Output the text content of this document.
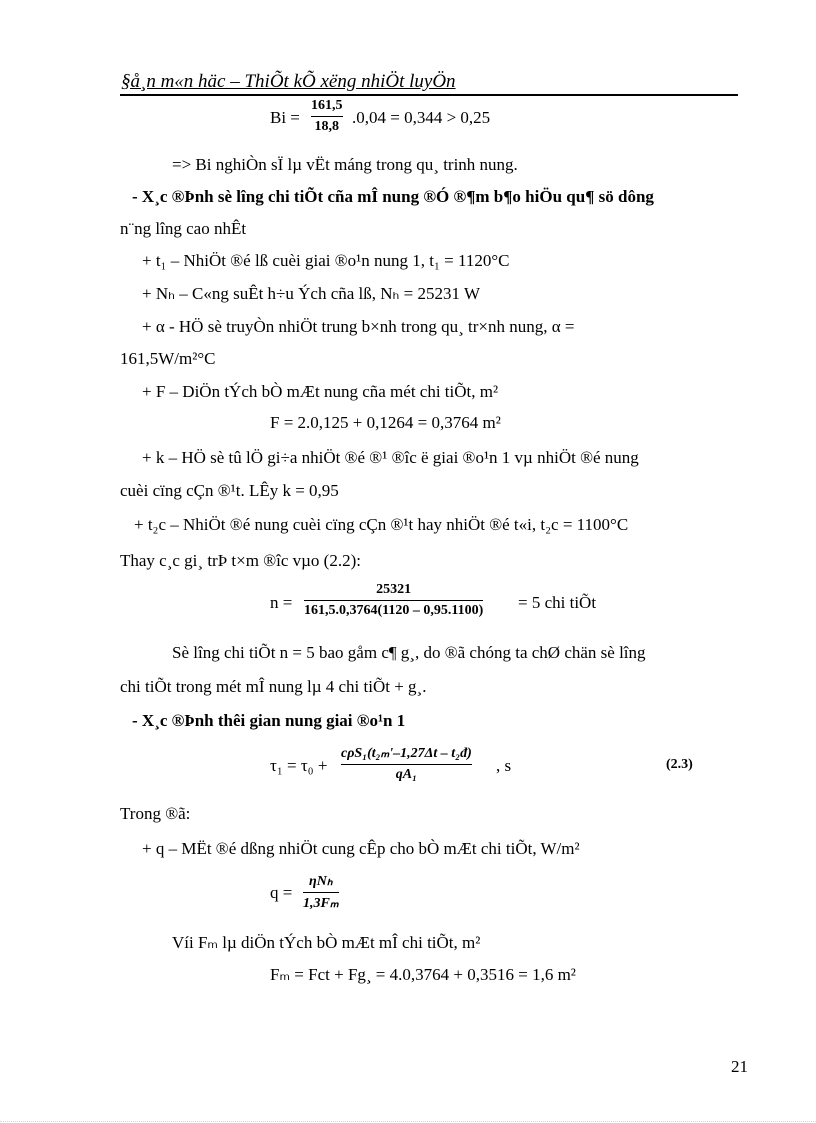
§å¸n m«n häc – ThiÕt kÕ xëng nhiÖt luyÖn
Bi =
161,5
18,8 .0,04 = 0,344 > 0,25
=> Bi nghiÒn sÏ lµ vËt máng trong qu¸ trinh nung.
- X¸c ®Þnh sè lîng chi tiÕt cña mÎ nung ®Ó ®¶m b¶o hiÖu qu¶ sö dông
n¨ng lîng cao nhÊt
+ t₁ – NhiÖt ®é lß cuèi giai ®o¹n nung 1, t₁ = 1120°C
+ Nₕ – C«ng suÊt h÷u Ých cña lß, Nₕ = 25231 W
+ α - HÖ sè truyÒn nhiÖt trung b×nh trong qu¸ tr×nh nung, α =
161,5W/m²°C
+ F – DiÖn tÝch bÒ mÆt nung cña mét chi tiÕt, m²
F = 2.0,125 + 0,1264 = 0,3764 m²
+ k – HÖ sè tû lÖ gi÷a nhiÖt ®é ®¹ ®îc ë giai ®o¹n 1 vµ nhiÖt ®é nung
cuèi cïng cÇn ®¹t. LÊy k = 0,95
+ t₂c – NhiÖt ®é nung cuèi cïng cÇn ®¹t hay nhiÖt ®é t«i, t₂c = 1100°C
Thay c¸c gi¸ trÞ t×m ®îc vµo (2.2):
n =
25321
161,5.0,3764(1120 – 0,95.1100) = 5 chi tiÕt
Sè lîng chi tiÕt n = 5 bao gåm c¶ g¸, do ®ã chóng ta chØ chän sè lîng
chi tiÕt trong mét mÎ nung lµ 4 chi tiÕt + g¸.
- X¸c ®Þnh thêi gian nung giai ®o¹n 1
τ₁ = τ₀ +
cρS₁(t₂ₘ'–1,27Δt – t₂đ)
qA₁	, s	(2.3)
Trong ®ã:
+ q – MËt ®é dßng nhiÖt cung cÊp cho bÒ mÆt chi tiÕt, W/m²
q =
ηNₕ
1,3Fₘ
Víi Fₘ lµ diÖn tÝch bÒ mÆt mÎ chi tiÕt, m²
Fₘ = Fct + Fg¸ = 4.0,3764 + 0,3516 = 1,6 m²
21
